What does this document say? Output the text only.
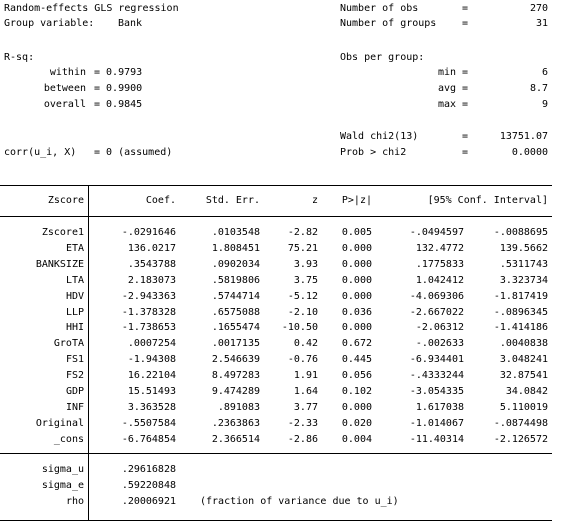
Random-effects GLS regression
Group variable: Bank
Number of obs	=	270
Number of groups	=	31
R-sq:
within = 0.9793
between = 0.9900
overall = 0.9845
Obs per group:
min =	6
avg =	8.7
max =	9
Wald chi2(13)	=	13751.07
Prob > chi2	=	0.0000
corr(u_i, X) = 0 (assumed)
Zscore	Coef.	Std. Err.	z	P>|z|	[95% Conf. Interval]
Zscore1	-.0291646	.0103548	-2.82	0.005	-.0494597	-.0088695
ETA	136.0217	1.808451	75.21	0.000	132.4772	139.5662
BANKSIZE	.3543788	.0902034	3.93	0.000	.1775833	.5311743
LTA	2.183073	.5819806	3.75	0.000	1.042412	3.323734
HDV	-2.943363	.5744714	-5.12	0.000	-4.069306	-1.817419
LLP	-1.378328	.6575088	-2.10	0.036	-2.667022	-.0896345
HHI	-1.738653	.1655474	-10.50	0.000	-2.06312	-1.414186
GroTA	.0007254	.0017135	0.42	0.672	-.002633	.0040838
FS1	-1.94308	2.546639	-0.76	0.445	-6.934401	3.048241
FS2	16.22104	8.497283	1.91	0.056	-.4333244	32.87541
GDP	15.51493	9.474289	1.64	0.102	-3.054335	34.0842
INF	3.363528	.891083	3.77	0.000	1.617038	5.110019
Original	-.5507584	.2363863	-2.33	0.020	-1.014067	-.0874498
_cons	-6.764854	2.366514	-2.86	0.004	-11.40314	-2.126572
sigma_u	.29616828
sigma_e	.59220848
rho	.20006921 (fraction of variance due to u_i)
